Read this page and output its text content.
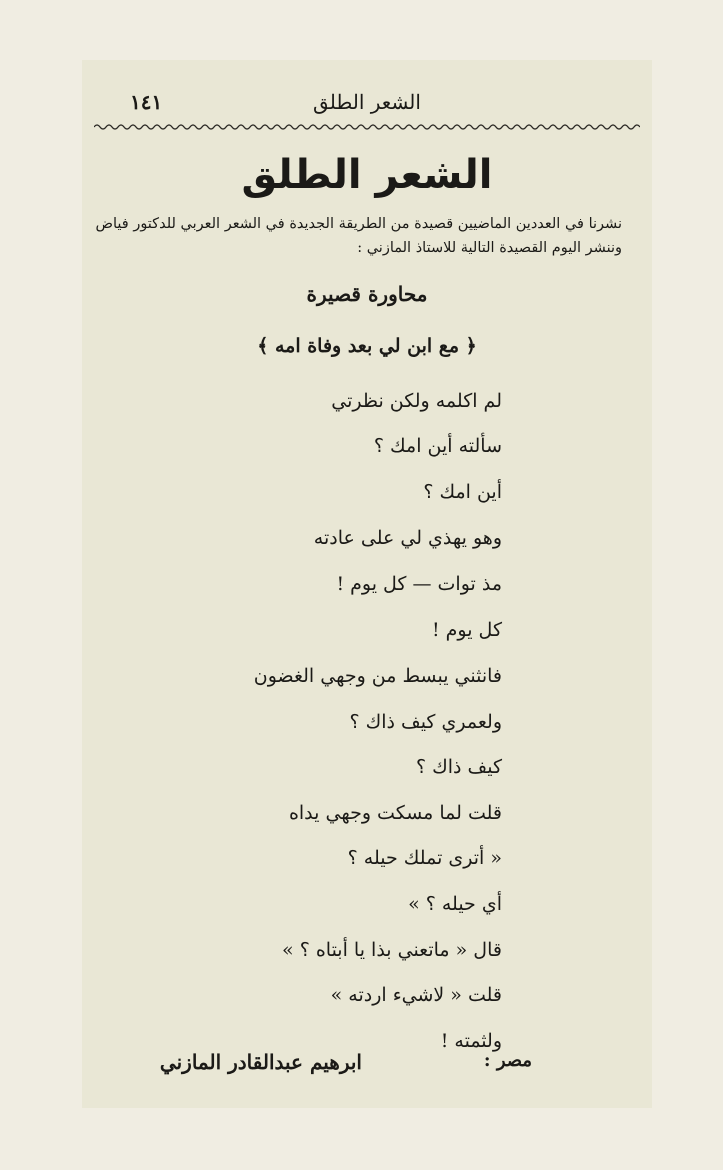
١٤١	الشعر الطلق
الشعر الطلق
نشرنا في العددين الماضيين قصيدة من الطريقة الجديدة في الشعر العربي للدكتور فياض
وننشر اليوم القصيدة التالية للاستاذ المازني :
محاورة قصيرة
﴿ مع ابن لي بعد وفاة امه ﴾
لم اكلمه ولكن نظرتي
سألته أين امك ؟
أين امك ؟
وهو يهذي لي على عادته
مذ توات — كل يوم !
كل يوم !
فانثني يبسط من وجهي الغضون
ولعمري كيف ذاك ؟
كيف ذاك ؟
قلت لما مسكت وجهي يداه
« أترى تملك حيله ؟
أي حيله ؟ »
قال « ماتعني بذا يا أبتاه ؟ »
قلت « لاشيء اردته »
ولثمته !
مصر :
ابرهيم عبدالقادر المازني
